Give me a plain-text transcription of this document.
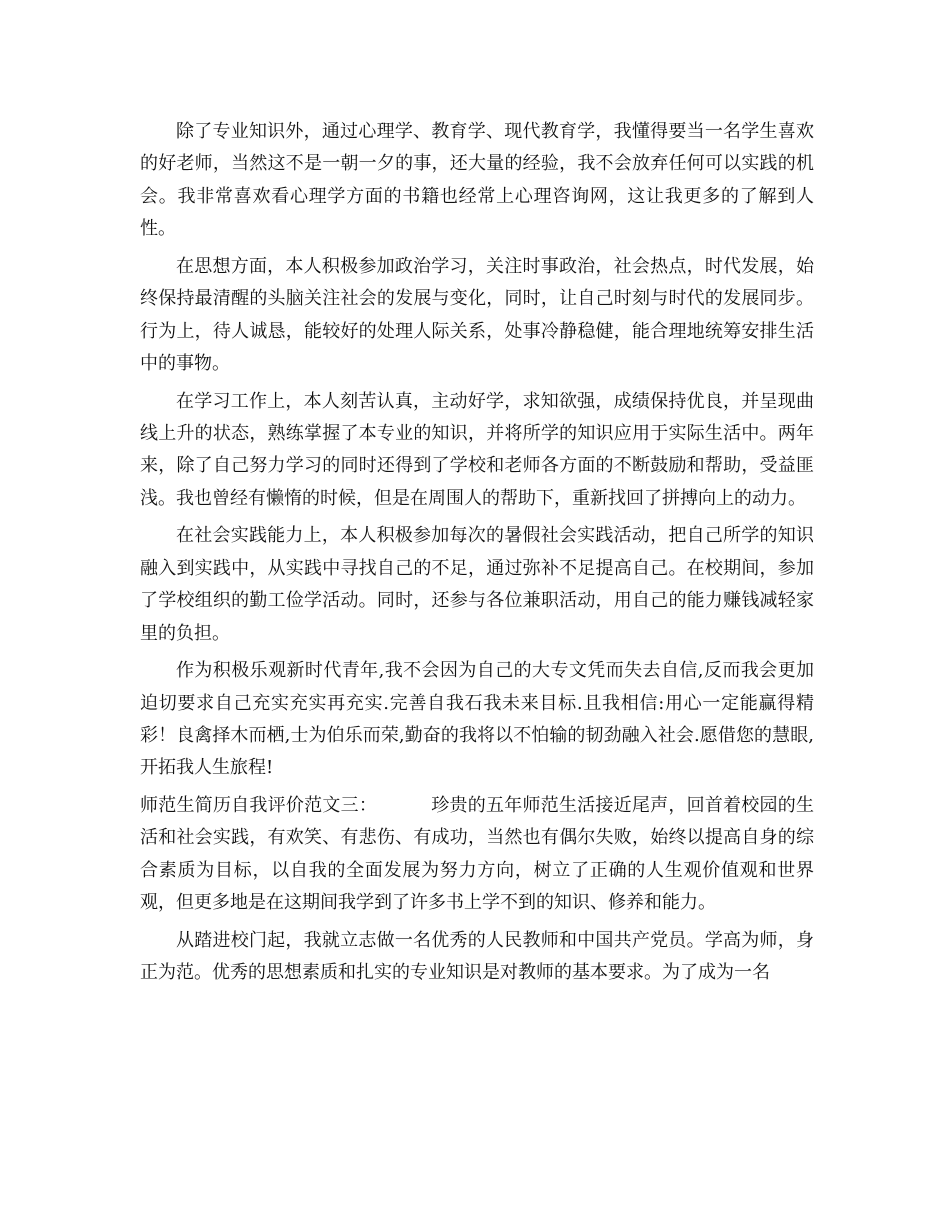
除了专业知识外，通过心理学、教育学、现代教育学，我懂得要当一名学生喜欢的好老师，当然这不是一朝一夕的事，还大量的经验，我不会放弃任何可以实践的机会。我非常喜欢看心理学方面的书籍也经常上心理咨询网，这让我更多的了解到人性。

在思想方面，本人积极参加政治学习，关注时事政治，社会热点，时代发展，始终保持最清醒的头脑关注社会的发展与变化，同时，让自己时刻与时代的发展同步。行为上，待人诚恳，能较好的处理人际关系，处事冷静稳健，能合理地统筹安排生活中的事物。

在学习工作上，本人刻苦认真，主动好学，求知欲强，成绩保持优良，并呈现曲线上升的状态，熟练掌握了本专业的知识，并将所学的知识应用于实际生活中。两年来，除了自己努力学习的同时还得到了学校和老师各方面的不断鼓励和帮助，受益匪浅。我也曾经有懒惰的时候，但是在周围人的帮助下，重新找回了拼搏向上的动力。

在社会实践能力上，本人积极参加每次的暑假社会实践活动，把自己所学的知识融入到实践中，从实践中寻找自己的不足，通过弥补不足提高自己。在校期间，参加了学校组织的勤工俭学活动。同时，还参与各位兼职活动，用自己的能力赚钱减轻家里的负担。

作为积极乐观新时代青年,我不会因为自己的大专文凭而失去自信,反而我会更加迫切要求自己充实充实再充实.完善自我石我未来目标.且我相信:用心一定能赢得精彩！良禽择木而栖,士为伯乐而荣,勤奋的我将以不怕输的韧劲融入社会.愿借您的慧眼,开拓我人生旅程!

师范生简历自我评价范文三：	珍贵的五年师范生活接近尾声，回首着校园的生活和社会实践，有欢笑、有悲伤、有成功，当然也有偶尔失败，始终以提高自身的综合素质为目标，以自我的全面发展为努力方向，树立了正确的人生观价值观和世界观，但更多地是在这期间我学到了许多书上学不到的知识、修养和能力。

从踏进校门起，我就立志做一名优秀的人民教师和中国共产党员。学高为师，身正为范。优秀的思想素质和扎实的专业知识是对教师的基本要求。为了成为一名
